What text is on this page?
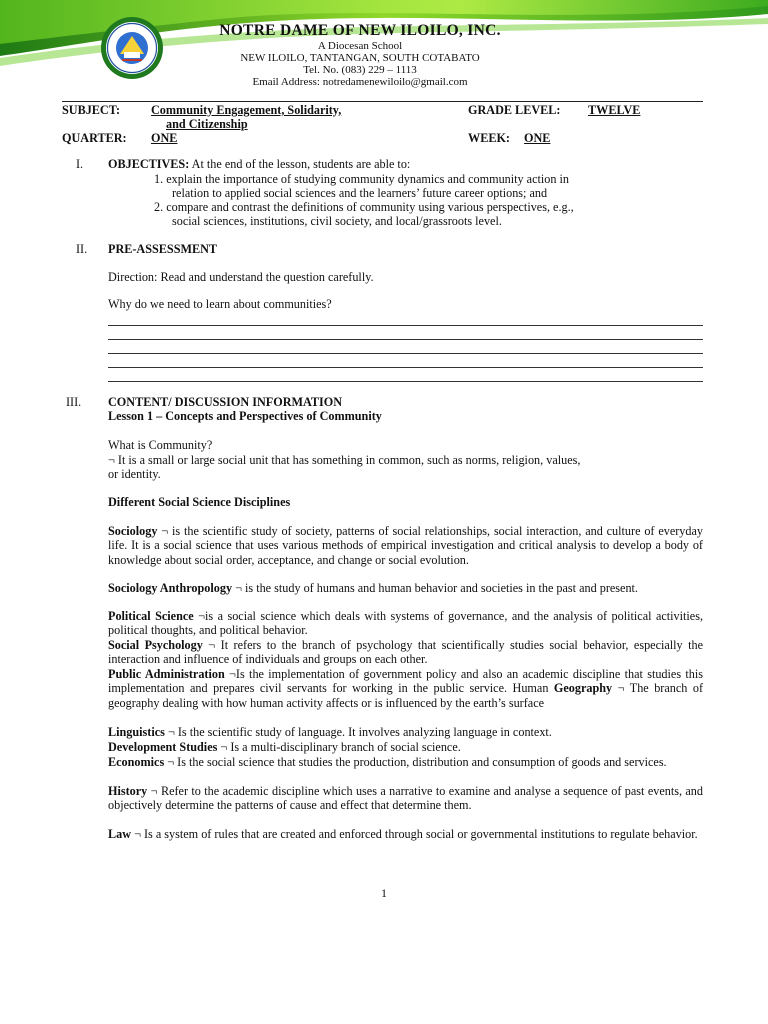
NOTRE DAME OF NEW ILOILO, INC.
A Diocesan School
NEW ILOILO, TANTANGAN, SOUTH COTABATO
Tel. No. (083) 229 – 1113
Email Address: notredamenewiloilo@gmail.com
SUBJECT:	Community Engagement, Solidarity,
and Citizenship
GRADE LEVEL: TWELVE
QUARTER: ONE	WEEK: ONE
I. OBJECTIVES: At the end of the lesson, students are able to:
1. explain the importance of studying community dynamics and community action in
relation to applied social sciences and the learners’ future career options; and
2. compare and contrast the definitions of community using various perspectives, e.g.,
social sciences, institutions, civil society, and local/grassroots level.
II. PRE-ASSESSMENT
Direction: Read and understand the question carefully.
Why do we need to learn about communities?
III. CONTENT/ DISCUSSION INFORMATION
Lesson 1 – Concepts and Perspectives of Community
What is Community?
¬ It is a small or large social unit that has something in common, such as norms, religion, values,
or identity.
Different Social Science Disciplines
Sociology ¬ is the scientific study of society, patterns of social relationships, social interaction, and culture of everyday life. It is a social science that uses various methods of empirical investigation and critical analysis to develop a body of knowledge about social order, acceptance, and change or social evolution.
Sociology Anthropology ¬ is the study of humans and human behavior and societies in the past and present.
Political Science ¬is a social science which deals with systems of governance, and the analysis of political activities, political thoughts, and political behavior.
Social Psychology ¬ It refers to the branch of psychology that scientifically studies social behavior, especially the interaction and influence of individuals and groups on each other.
Public Administration ¬Is the implementation of government policy and also an academic discipline that studies this implementation and prepares civil servants for working in the public service. Human Geography ¬ The branch of geography dealing with how human activity affects or is influenced by the earth’s surface
Linguistics ¬ Is the scientific study of language. It involves analyzing language in context.
Development Studies ¬ Is a multi-disciplinary branch of social science.
Economics ¬ Is the social science that studies the production, distribution and consumption of goods and services.
History ¬ Refer to the academic discipline which uses a narrative to examine and analyse a sequence of past events, and objectively determine the patterns of cause and effect that determine them.
Law ¬ Is a system of rules that are created and enforced through social or governmental institutions to regulate behavior.
1
